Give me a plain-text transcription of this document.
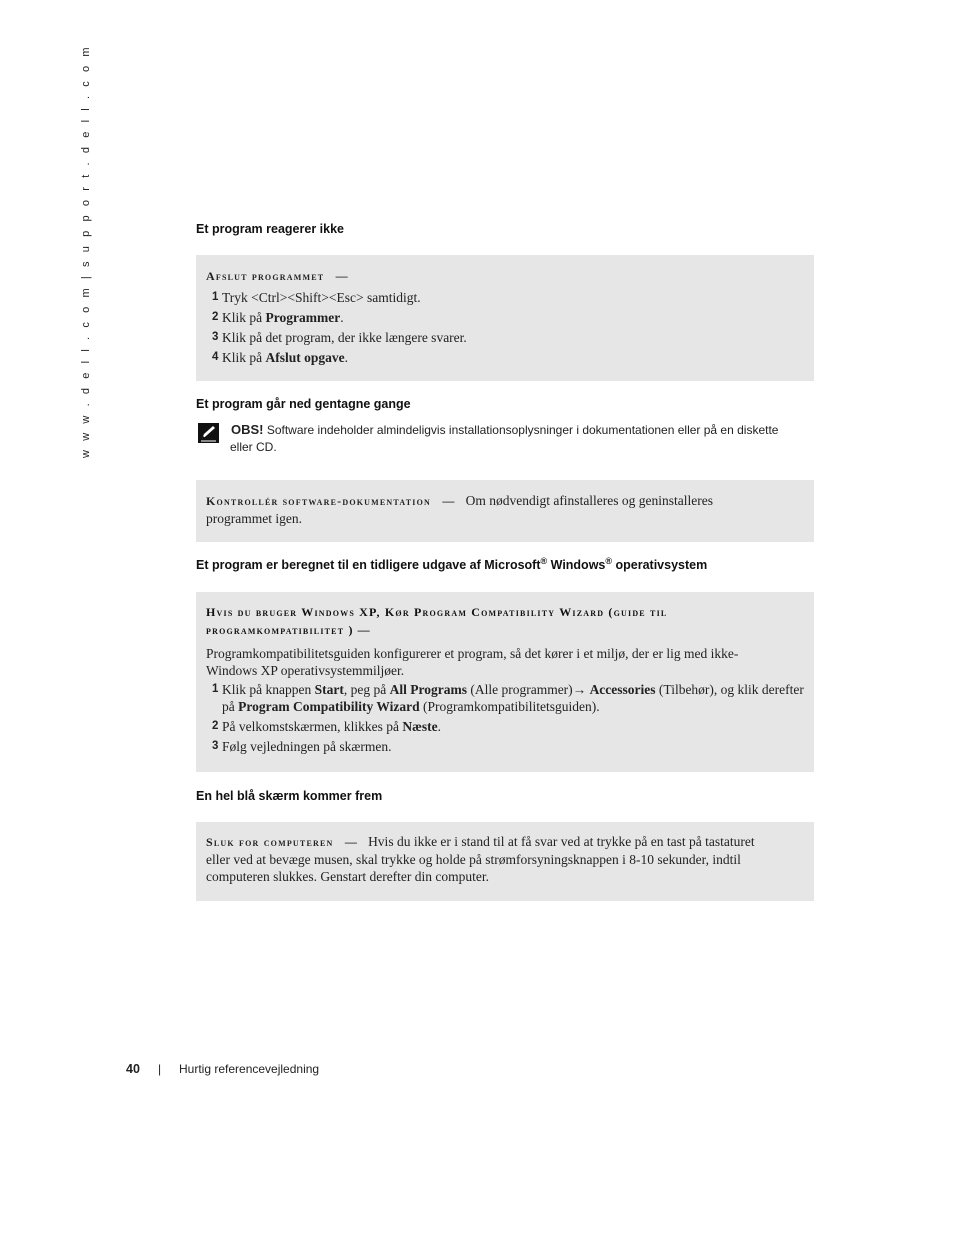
w w w . d e l l . c o m | s u p p o r t . d e l l . c o m	Et program reagerer ikke
Afslut programmet —
1 Tryk <Ctrl><Shift><Esc> samtidigt.
2 Klik på Programmer.
3 Klik på det program, der ikke længere svarer.
4 Klik på Afslut opgave.
Et program går ned gentagne gange
OBS! Software indeholder almindeligvis installationsoplysninger i dokumentationen eller på en diskette
eller CD.
Kontrollér software-dokumentation — Om nødvendigt afinstalleres og geninstalleres
programmet igen.
Et program er beregnet til en tidligere udgave af Microsoft® Windows® operativsystem
Hvis du bruger Windows XP, Kør Program Compatibility Wizard (guide til
programkompatibilitet ) —
Programkompatibilitetsguiden konfigurerer et program, så det kører i et miljø, der er lig med ikke-
Windows XP operativsystemmiljøer.
1 Klik på knappen Start, peg på All Programs (Alle programmer)→ Accessories (Tilbehør), og klik derefter
på Program Compatibility Wizard (Programkompatibilitetsguiden).
2 På velkomstskærmen, klikkes på Næste.
3 Følg vejledningen på skærmen.
En hel blå skærm kommer frem
Sluk for computeren — Hvis du ikke er i stand til at få svar ved at trykke på en tast på tastaturet
eller ved at bevæge musen, skal trykke og holde på strømforsyningsknappen i 8-10 sekunder, indtil
computeren slukkes. Genstart derefter din computer.
40 | Hurtig referencevejledning
